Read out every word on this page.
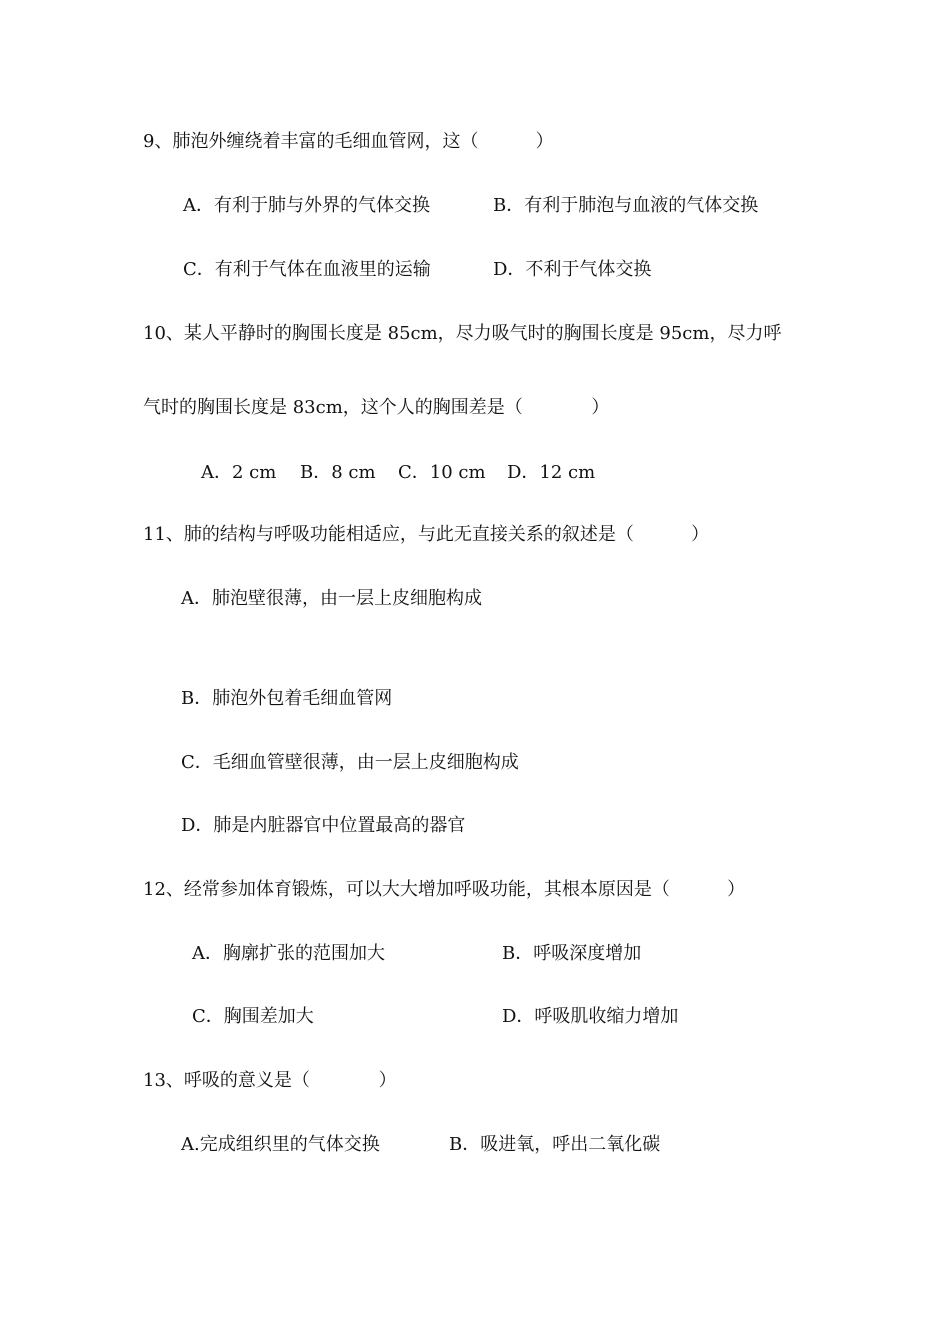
9、肺泡外缠绕着丰富的毛细血管网，这（          ）
A．有利于肺与外界的气体交换	B．有利于肺泡与血液的气体交换
C．有利于气体在血液里的运输	D．不利于气体交换
10、某人平静时的胸围长度是 85cm，尽力吸气时的胸围长度是 95cm，尽力呼
气时的胸围长度是 83cm，这个人的胸围差是（            ）
A．2 cm B．8 cm C．10 cm D．12 cm
11、肺的结构与呼吸功能相适应，与此无直接关系的叙述是（          ）
A．肺泡壁很薄，由一层上皮细胞构成
B．肺泡外包着毛细血管网
C．毛细血管壁很薄，由一层上皮细胞构成
D．肺是内脏器官中位置最高的器官
12、经常参加体育锻炼，可以大大增加呼吸功能，其根本原因是（          ）
A．胸廓扩张的范围加大	B．呼吸深度增加
C．胸围差加大	D．呼吸肌收缩力增加
13、呼吸的意义是（            ）
A.完成组织里的气体交换	B．吸进氧，呼出二氧化碳
